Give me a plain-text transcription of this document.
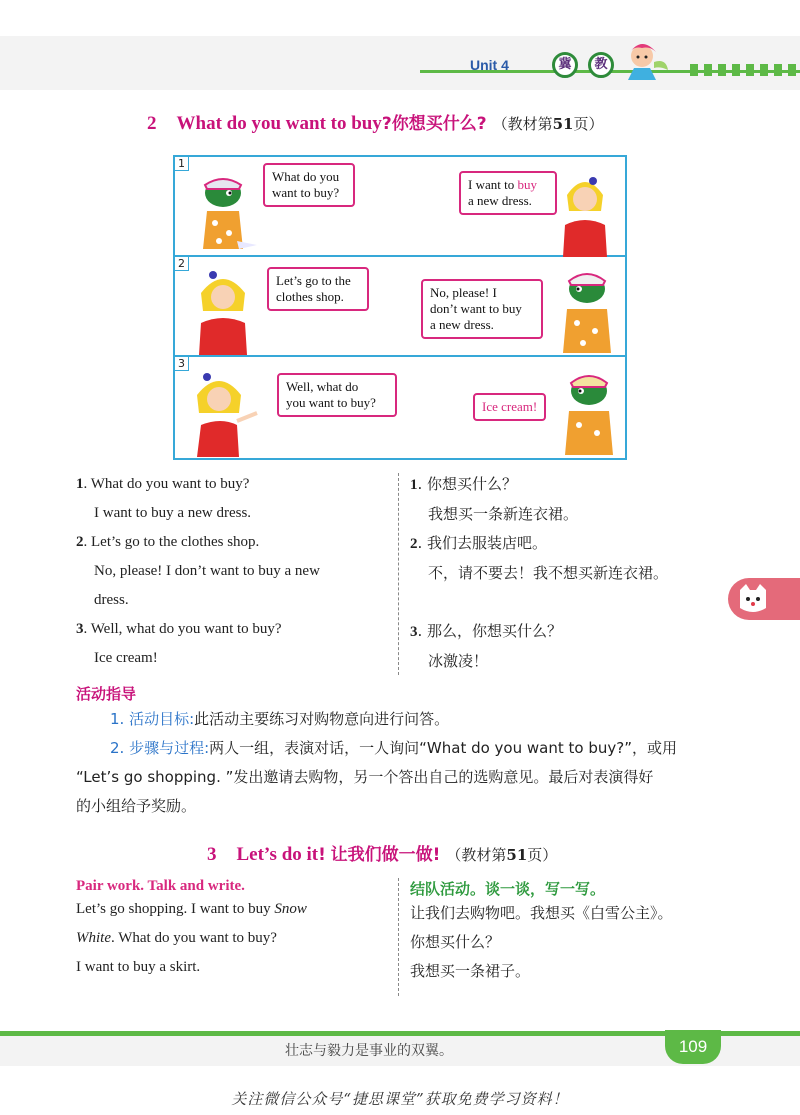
Unit 4	冀	教
2 What do you want to buy?你想买什么? （教材第51页）
1
What do you
want to buy?
I want to buy
a new dress.
2
Let’s go to the
clothes shop.	No, please! I
don’t want to buy
a new dress.
3
Well, what do
you want to buy?	Ice cream!
1. What do you want to buy?
I want to buy a new dress.
2. Let’s go to the clothes shop.
No, please! I don’t want to buy a new
dress.
3. Well, what do you want to buy?
Ice cream!
1. 你想买什么？
我想买一条新连衣裙。
2. 我们去服装店吧。
不，请不要去！我不想买新连衣裙。
3. 那么，你想买什么？
冰激凌！
活动指导
1. 活动目标:此活动主要练习对购物意向进行问答。
2. 步骤与过程:两人一组，表演对话，一人询问“What do you want to buy?”，或用
“Let’s go shopping. ”发出邀请去购物，另一个答出自己的选购意见。最后对表演得好
的小组给予奖励。
3 Let’s do it! 让我们做一做! （教材第51页）
Pair work. Talk and write.
Let’s go shopping. I want to buy Snow
White. What do you want to buy?
I want to buy a skirt.
结队活动。谈一谈，写一写。
让我们去购物吧。我想买《白雪公主》。
你想买什么？
我想买一条裙子。
壮志与毅力是事业的双翼。	109
关注微信公众号“捷思课堂”获取免费学习资料！
